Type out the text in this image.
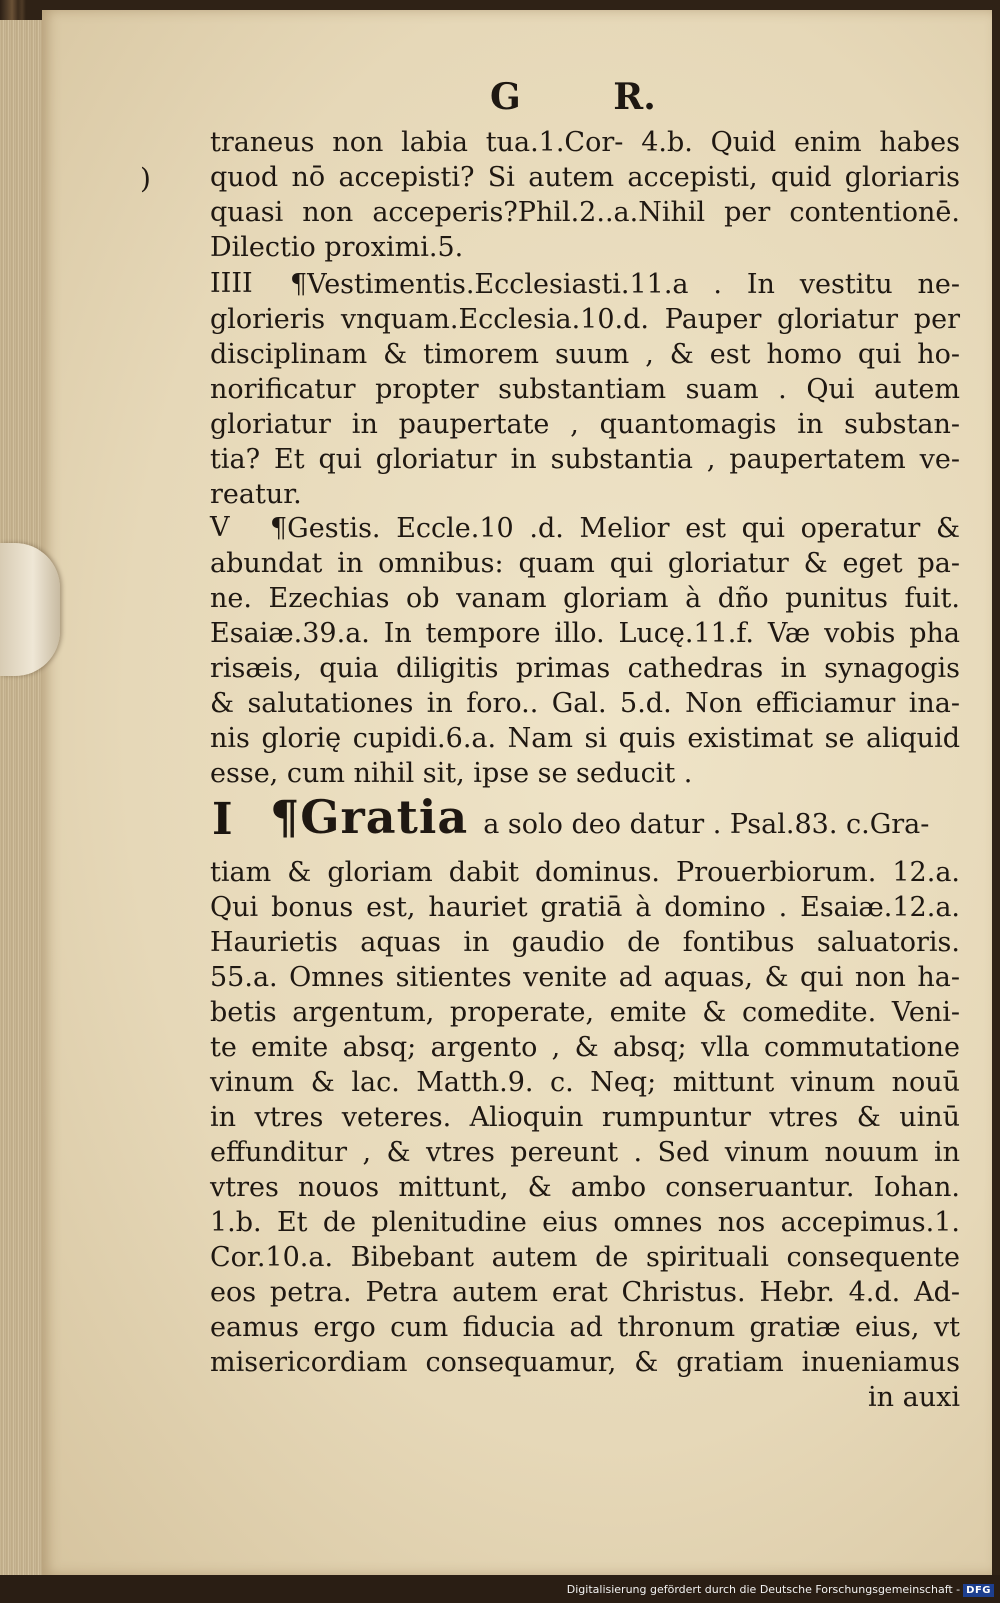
G R.
)
traneus non labia tua.1.Cor- 4.b. Quid enim habes
quod nō accepisti? Si autem accepisti, quid gloriaris
quasi non acceperis?Phil.2..a.Nihil per contentionē.
Dilectio proximi.5.
IIII ¶Vestimentis.Ecclesiasti.11.a . In vestitu ne-
glorieris vnquam.Ecclesia.10.d. Pauper gloriatur per
disciplinam & timorem suum , & est homo qui ho-
norificatur propter substantiam suam . Qui autem
gloriatur in paupertate , quantomagis in substan-
tia? Et qui gloriatur in substantia , paupertatem ve-
reatur.
V ¶Gestis. Eccle.10 .d. Melior est qui operatur &
abundat in omnibus: quam qui gloriatur & eget pa-
ne. Ezechias ob vanam gloriam à dño punitus fuit.
Esaiæ.39.a. In tempore illo. Lucę.11.f. Væ vobis pha
risæis, quia diligitis primas cathedras in synagogis
& salutationes in foro.. Gal. 5.d. Non efficiamur ina-
nis glorię cupidi.6.a. Nam si quis existimat se aliquid
esse, cum nihil sit, ipse se seducit .
I ¶Gratia a solo deo datur . Psal.83. c.Gra-
tiam & gloriam dabit dominus. Prouerbiorum. 12.a.
Qui bonus est, hauriet gratiā à domino . Esaiæ.12.a.
Haurietis aquas in gaudio de fontibus saluatoris.
55.a. Omnes sitientes venite ad aquas, & qui non ha-
betis argentum, properate, emite & comedite. Veni-
te emite absq; argento , & absq; vlla commutatione
vinum & lac. Matth.9. c. Neq; mittunt vinum nouū
in vtres veteres. Alioquin rumpuntur vtres & uinū
effunditur , & vtres pereunt . Sed vinum nouum in
vtres nouos mittunt, & ambo conseruantur. Iohan.
1.b. Et de plenitudine eius omnes nos accepimus.1.
Cor.10.a. Bibebant autem de spirituali consequente
eos petra. Petra autem erat Christus. Hebr. 4.d. Ad-
eamus ergo cum fiducia ad thronum gratiæ eius, vt
misericordiam consequamur, & gratiam inueniamus
in auxi
Digitalisierung gefördert durch die Deutsche Forschungsgemeinschaft - DFG
